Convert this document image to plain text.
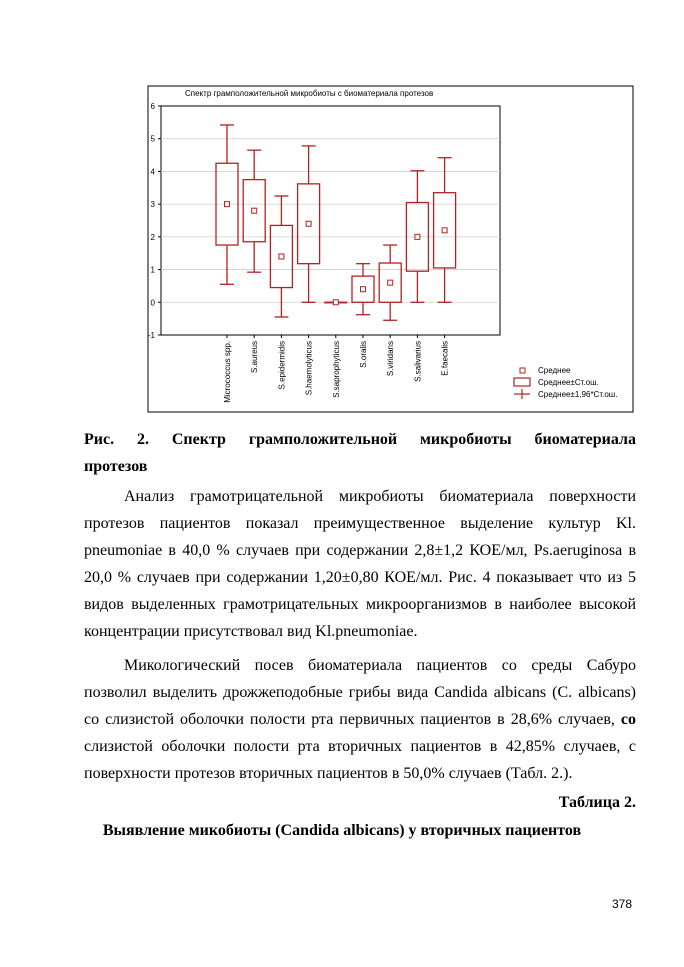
-1
0
1
2
3
4
5
6
Micrococcus spp. S.aureus S.epidermidis S.haemolyticus S.saprophyticus S.oralis S.viridans S.salivarius E.faecalis	Среднее
Среднее±Ст.ош.
Среднее±1,96*Ст.ош.
Спектр грамположительной микробиоты с биоматериала протезов
Рис. 2. Спектр грамположительной микробиоты биоматериала
протезов
Анализ грамотрицательной микробиоты биоматериала поверхности протезов пациентов показал преимущественное выделение культур Kl. pneumoniae в 40,0 % случаев при содержании 2,8±1,2 КОЕ/мл, Ps.aeruginosa в 20,0 % случаев при содержании 1,20±0,80 КОЕ/мл. Рис. 4 показывает что из 5 видов выделенных грамотрицательных микроорганизмов в наиболее высокой концентрации присутствовал вид Kl.pneumoniae.
Микологический посев биоматериала пациентов со среды Сабуро позволил выделить дрожжеподобные грибы вида Candida albicans (C. albicans) со слизистой оболочки полости рта первичных пациентов в 28,6% случаев, со слизистой оболочки полости рта вторичных пациентов в 42,85% случаев, с поверхности протезов вторичных пациентов в 50,0% случаев (Табл. 2.).
Таблица 2.
Выявление микобиоты (Candida albicans) у вторичных пациентов
378
